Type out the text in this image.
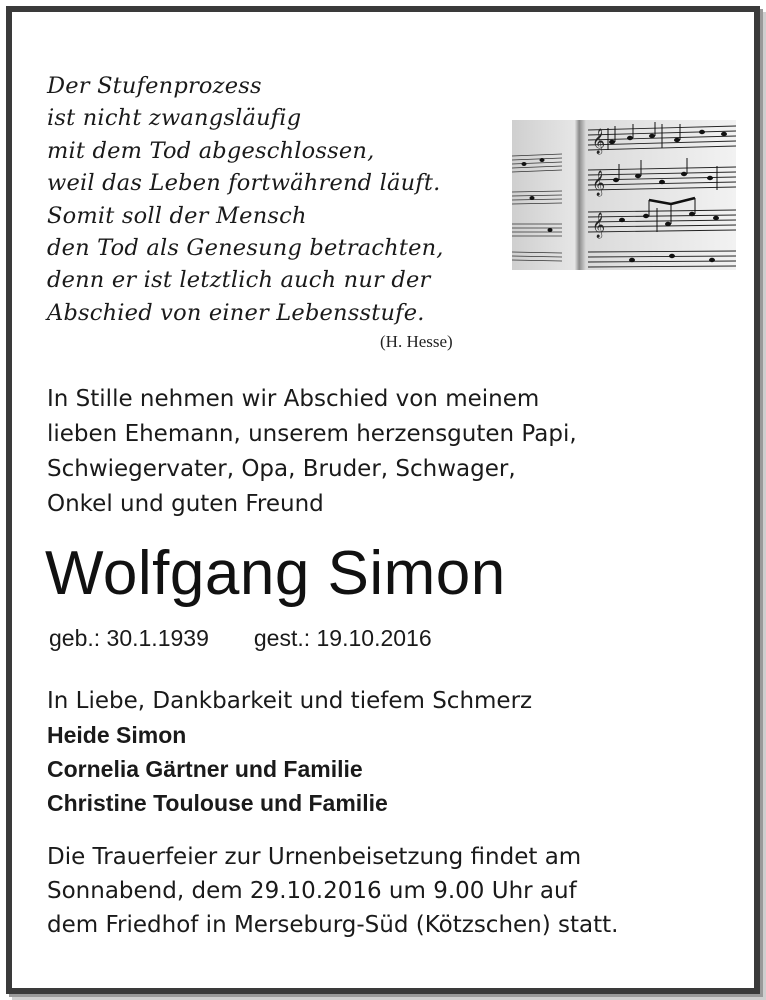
Der Stufenprozess
ist nicht zwangsläufig
mit dem Tod abgeschlossen,
weil das Leben fortwährend läuft.
Somit soll der Mensch
den Tod als Genesung betrachten,
denn er ist letztlich auch nur der
Abschied von einer Lebensstufe.
(H. Hesse)
𝄞
𝄞
𝄞
In Stille nehmen wir Abschied von meinem
lieben Ehemann, unserem herzensguten Papi,
Schwiegervater, Opa, Bruder, Schwager,
Onkel und guten Freund
Wolfgang Simon
geb.: 30.1.1939 gest.: 19.10.2016
In Liebe, Dankbarkeit und tiefem Schmerz
Heide Simon
Cornelia Gärtner und Familie
Christine Toulouse und Familie
Die Trauerfeier zur Urnenbeisetzung findet am
Sonnabend, dem 29.10.2016 um 9.00 Uhr auf
dem Friedhof in Merseburg-Süd (Kötzschen) statt.
